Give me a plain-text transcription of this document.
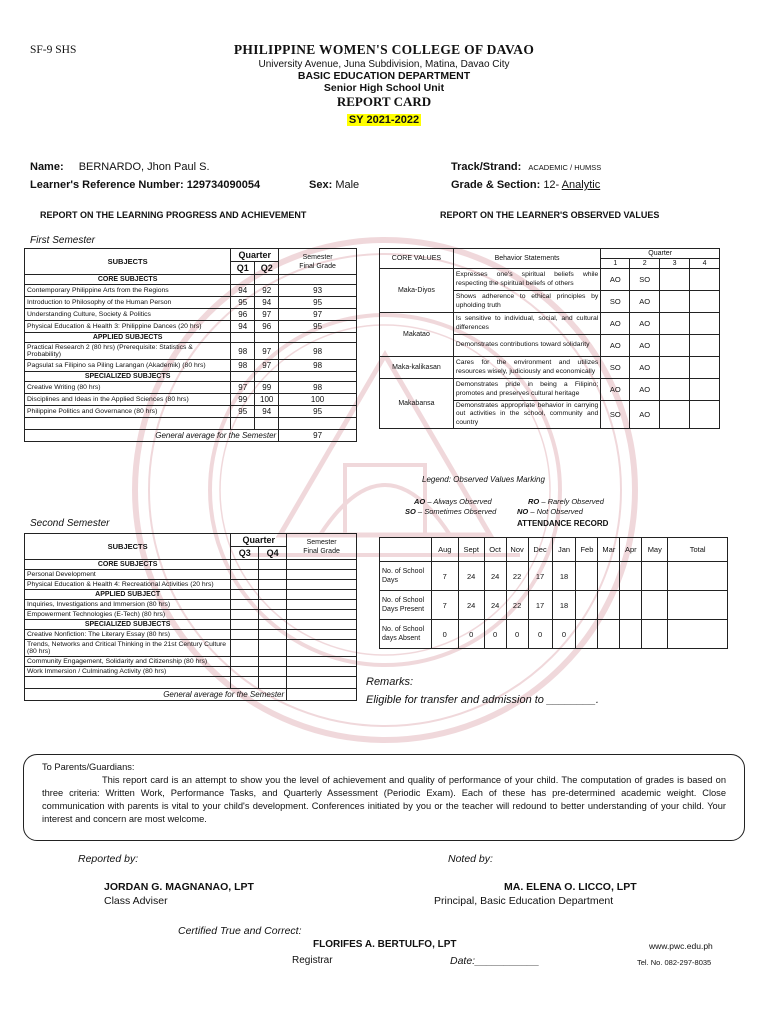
SF-9 SHS	PHILIPPINE WOMEN'S COLLEGE OF DAVAO
University Avenue, Juna Subdivision, Matina, Davao City
BASIC EDUCATION DEPARTMENT
Senior High School Unit
REPORT CARD
SY 2021-2022
Name: BERNARDO, Jhon Paul S.
Learner's Reference Number: 129734090054	Sex: Male
Track/Strand: ACADEMIC / HUMSS
Grade & Section: 12- Analytic
REPORT ON THE LEARNING PROGRESS AND ACHIEVEMENT	REPORT ON THE LEARNER'S OBSERVED VALUES
First Semester
SUBJECTS	Quarter		Semester
Final Grade
	Q1	Q2	
CORE SUBJECTS			
Contemporary Philippine Arts from the Regions	94	92	93
Introduction to Philosophy of the Human Person	95	94	95
Understanding Culture, Society & Politics	96	97	97
Physical Education & Health 3: Philippine Dances (20 hrs)	94	96	95
APPLIED SUBJECTS			
Practical Research 2 (80 hrs) (Prerequisite: Statistics & Probability)	98	97	98
Pagsulat sa Filipino sa Piling Larangan (Akademik) (80 hrs)	98	97	98
SPECIALIZED SUBJECTS			
Creative Writing (80 hrs)	97	99	98
Disciplines and Ideas in the Applied Sciences (80 hrs)	99	100	100
Philippine Politics and Governance (80 hrs)	95	94	95

General average for the Semester			97
Second Semester
SUBJECTS	Quarter		Semester
Final Grade
	Q3	Q4	
CORE SUBJECTS			
Personal Development			
Physical Education & Health 4: Recreational Activities (20 hrs)			
APPLIED SUBJECT			
Inquiries, Investigations and Immersion (80 hrs)			
Empowerment Technologies (E-Tech) (80 hrs)			
SPECIALIZED SUBJECTS			
Creative Nonfiction: The Literary Essay (80 hrs)			
Trends, Networks and Critical Thinking in the 21st Century Culture (80 hrs)			
Community Engagement, Solidarity and Citizenship (80 hrs)			
Work Immersion / Culminating Activity (80 hrs)			

General average for the Semester			
CORE VALUES	Behavior Statements	Quarter			
		1	2	3	4
Maka-Diyos	Expresses one's spiritual beliefs while respecting the spiritual beliefs of others	AO	SO		
	Shows adherence to ethical principles by upholding truth	SO	AO		
Makatao	Is sensitive to individual, social, and cultural differences	AO	AO		
	Demonstrates contributions toward solidarity	AO	AO		
Maka-kalikasan	Cares for the environment and utilizes resources wisely, judiciously and economically	SO	AO		
Makabansa	Demonstrates pride in being a Filipino; promotes and preserves cultural heritage	AO	AO		
	Demonstrates appropriate behavior in carrying out activities in the school, community and country	SO	AO		
Legend: Observed Values Marking
AO – Always Observed	RO – Rarely Observed
SO – Sometimes Observed	NO – Not Observed
ATTENDANCE RECORD
	Aug	Sept	Oct	Nov	Dec	Jan	Feb	Mar	Apr	May	Total
No. of School Days	7	24	24	22	17	18					
No. of School Days Present	7	24	24	22	17	18					
No. of School days Absent	0	0	0	0	0	0					
Remarks:
Eligible for transfer and admission to ________.
To Parents/Guardians:
This report card is an attempt to show you the level of achievement and quality of performance of your child. The computation of grades is based on three criteria: Written Work, Performance Tasks, and Quarterly Assessment (Periodic Exam). Each of these has pre-determined academic weight. Close communication with parents is vital to your child's development. Conferences initiated by you or the teacher will redound to better understanding of your child. Your interest and concern are most welcome.
Reported by:	Noted by:
JORDAN G. MAGNANAO, LPT
Class Adviser
MA. ELENA O. LICCO, LPT
Principal, Basic Education Department
Certified True and Correct:
FLORIFES A. BERTULFO, LPT
Registrar	Date:___________
www.pwc.edu.ph
Tel. No. 082-297-8035
